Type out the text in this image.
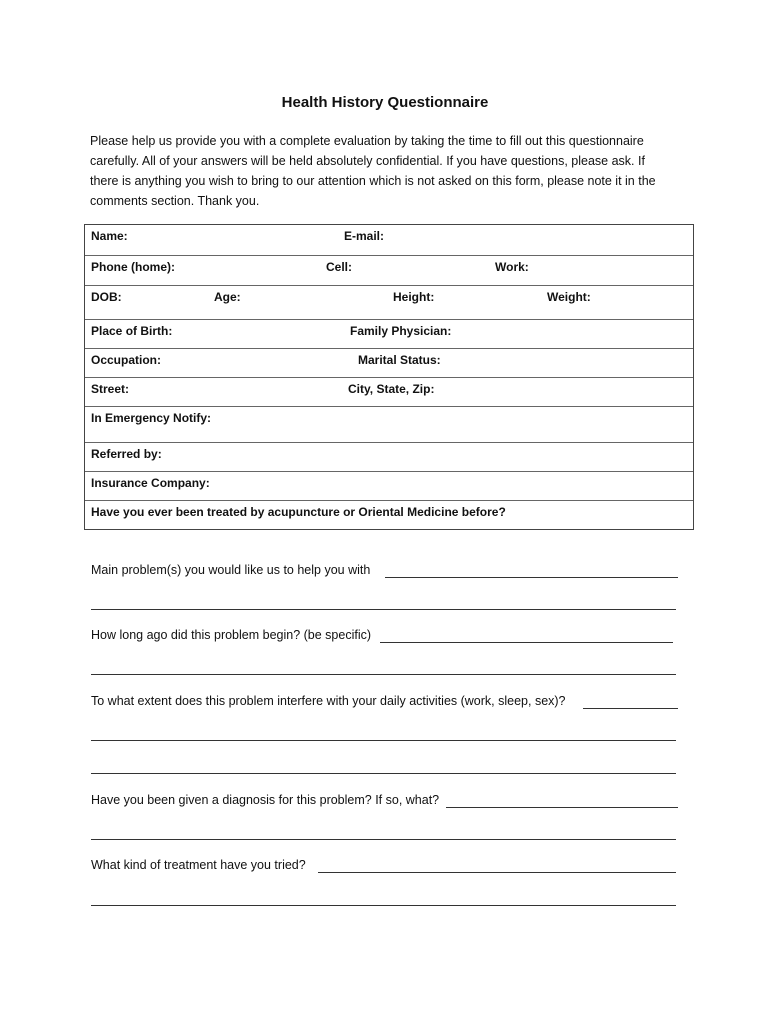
Health History Questionnaire

Please help us provide you with a complete evaluation by taking the time to fill out this questionnaire

carefully. All of your answers will be held absolutely confidential. If you have questions, please ask. If

there is anything you wish to bring to our attention which is not asked on this form, please note it in the

comments section. Thank you.

Name:	E-mail:
Phone (home):	Cell:	Work:
DOB:	Age:	Height:	Weight:
Place of Birth:	Family Physician:
Occupation:	Marital Status:
Street:	City, State, Zip:
In Emergency Notify:
Referred by:
Insurance Company:
Have you ever been treated by acupuncture or Oriental Medicine before?
Main problem(s) you would like us to help you with
How long ago did this problem begin? (be specific)
To what extent does this problem interfere with your daily activities (work, sleep, sex)?
Have you been given a diagnosis for this problem? If so, what?
What kind of treatment have you tried?
